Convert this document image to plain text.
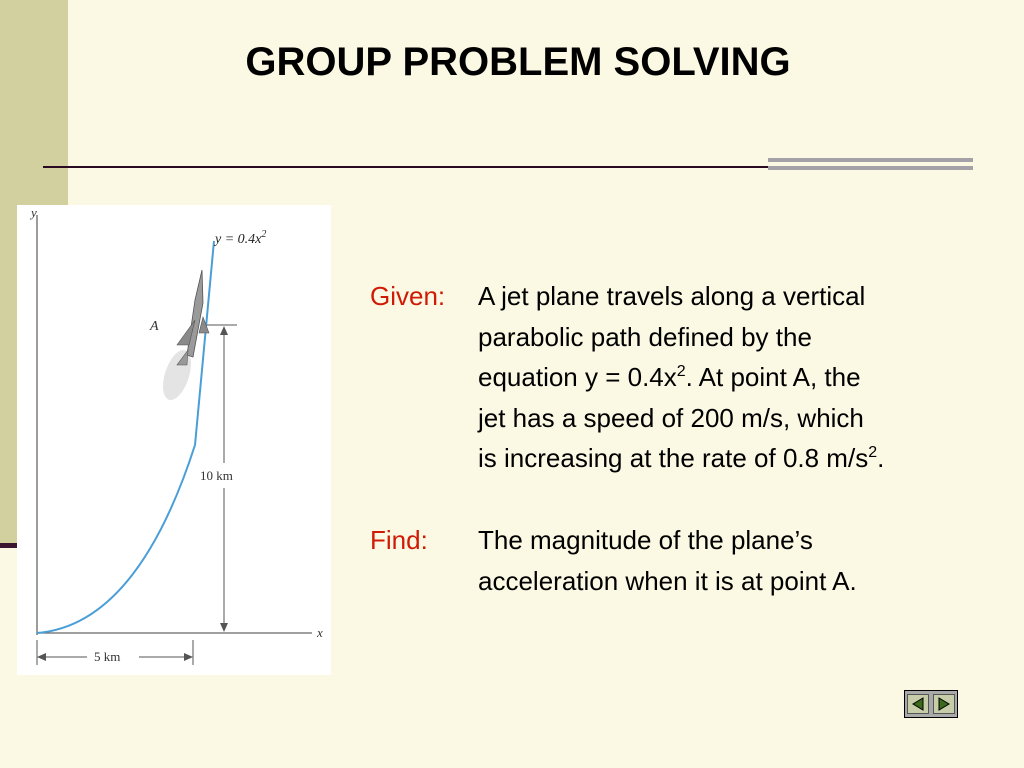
GROUP PROBLEM SOLVING
y
x
$y = 0.4x^2$
A
10 km
5 km
Given: A jet plane travels along a vertical
parabolic path defined by the
equation $y = 0.4x^2$. At point A, the
jet has a speed of 200 m/s, which
is increasing at the rate of 0.8 $m/s^2$.
Find: The magnitude of the plane’s
acceleration when it is at point A.
